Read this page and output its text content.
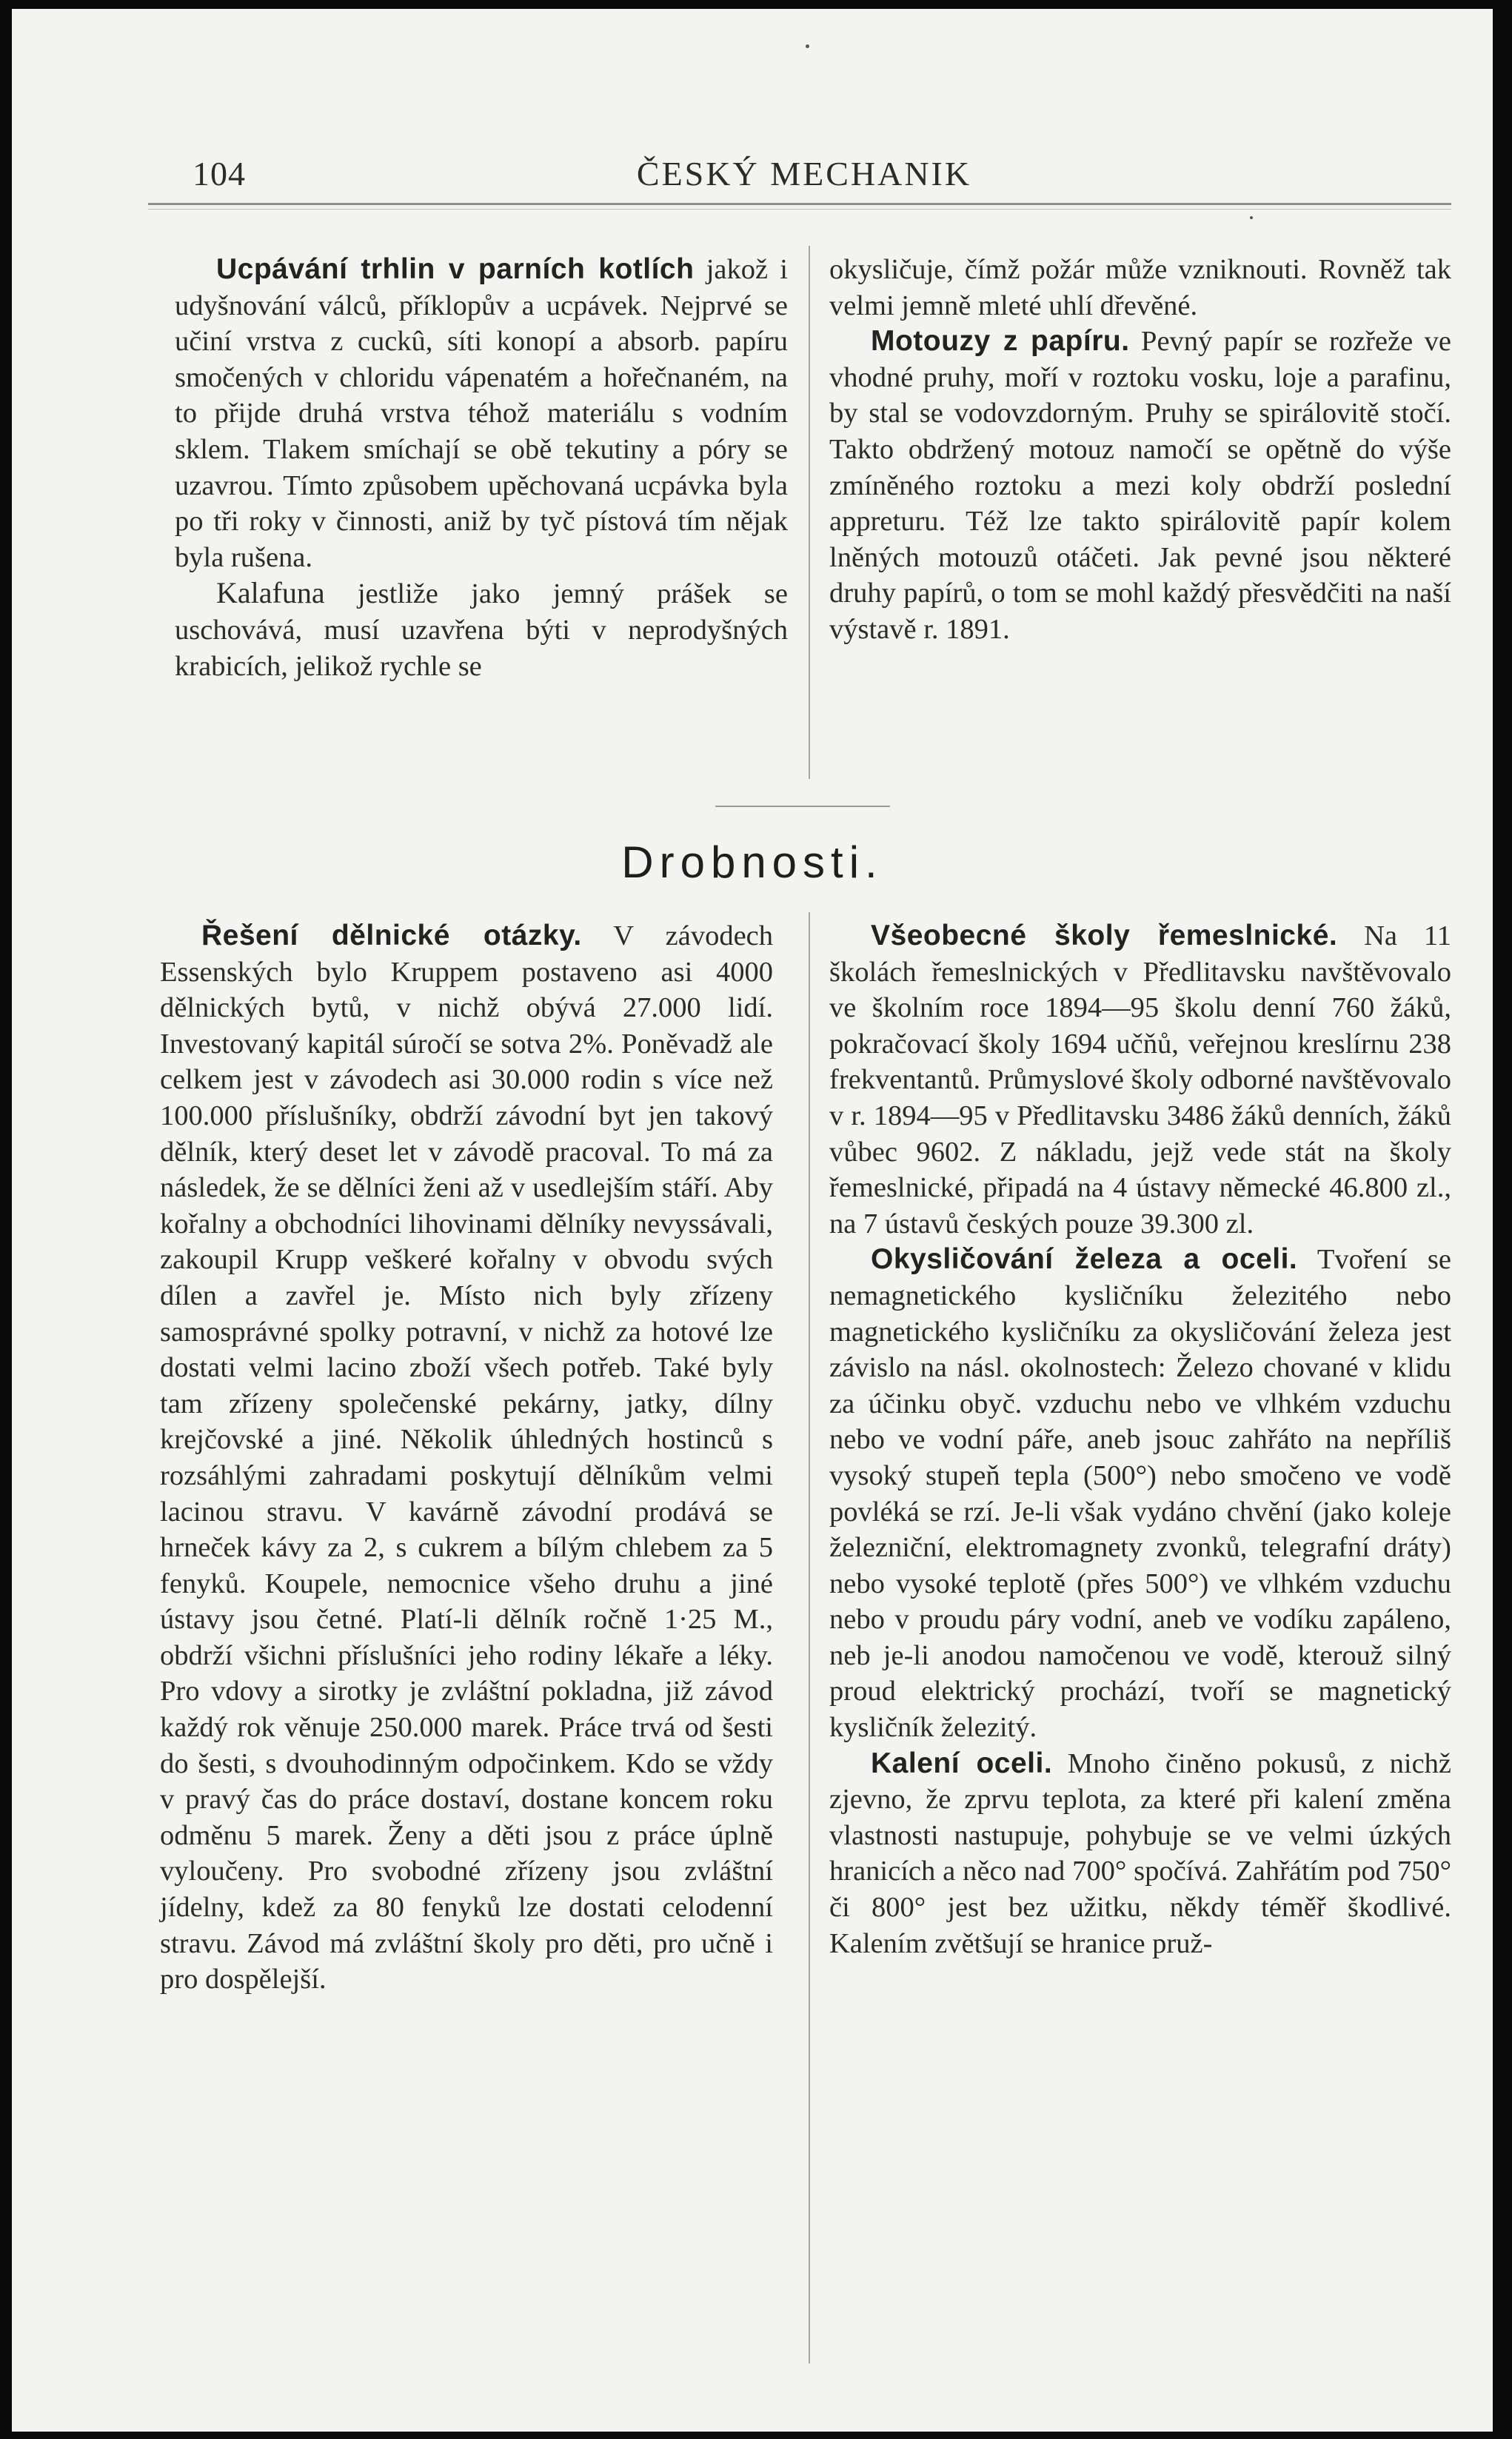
104	ČESKÝ MECHANIK

Ucpávání trhlin v parních kotlích jakož i udyšnování válců, příklopův a ucpávek. Nejprvé se učiní vrstva z cuckû, síti konopí a absorb. papíru smočených v chloridu vápenatém a hořečnaném, na to přijde druhá vrstva téhož materiálu s vodním sklem. Tlakem smíchají se obě tekutiny a póry se uzavrou. Tímto způsobem upěchovaná ucpávka byla po tři roky v činnosti, aniž by tyč pístová tím nějak byla rušena.

Kalafuna jestliže jako jemný prášek se uschovává, musí uzavřena býti v neprodyšných krabicích, jelikož rychle se

okysličuje, čímž požár může vzniknouti. Rovněž tak velmi jemně mleté uhlí dřevěné.

Motouzy z papíru. Pevný papír se rozřeže ve vhodné pruhy, moří v roztoku vosku, loje a parafinu, by stal se vodovzdorným. Pruhy se spirálovitě stočí. Takto obdržený motouz namočí se opětně do výše zmíněného roztoku a mezi koly obdrží poslední appreturu. Též lze takto spirálovitě papír kolem lněných motouzů otáčeti. Jak pevné jsou některé druhy papírů, o tom se mohl každý přesvědčiti na naší výstavě r. 1891.

Drobnosti.

Řešení dělnické otázky. V závodech Essenských bylo Kruppem postaveno asi 4000 dělnických bytů, v nichž obývá 27.000 lidí. Investovaný kapitál súročí se sotva 2%. Poněvadž ale celkem jest v závodech asi 30.000 rodin s více než 100.000 příslušníky, obdrží závodní byt jen takový dělník, který deset let v závodě pracoval. To má za následek, že se dělníci ženi až v usedlejším stáří. Aby kořalny a obchodníci lihovinami dělníky nevyssávali, zakoupil Krupp veškeré kořalny v obvodu svých dílen a zavřel je. Místo nich byly zřízeny samosprávné spolky potravní, v nichž za hotové lze dostati velmi lacino zboží všech potřeb. Také byly tam zřízeny společenské pekárny, jatky, dílny krejčovské a jiné. Několik úhledných hostinců s rozsáhlými zahradami poskytují dělníkům velmi lacinou stravu. V kavárně závodní prodává se hrneček kávy za 2, s cukrem a bílým chlebem za 5 fenyků. Koupele, nemocnice všeho druhu a jiné ústavy jsou četné. Platí-li dělník ročně 1·25 M., obdrží všichni příslušníci jeho rodiny lékaře a léky. Pro vdovy a sirotky je zvláštní pokladna, již závod každý rok věnuje 250.000 marek. Práce trvá od šesti do šesti, s dvouhodinným odpočinkem. Kdo se vždy v pravý čas do práce dostaví, dostane koncem roku odměnu 5 marek. Ženy a děti jsou z práce úplně vyloučeny. Pro svobodné zřízeny jsou zvláštní jídelny, kdež za 80 fenyků lze dostati celodenní stravu. Závod má zvláštní školy pro děti, pro učně i pro dospělejší.

Všeobecné školy řemeslnické. Na 11 školách řemeslnických v Předlitavsku navštěvovalo ve školním roce 1894—95 školu denní 760 žáků, pokračovací školy 1694 učňů, veřejnou kreslírnu 238 frekventantů. Průmyslové školy odborné navštěvovalo v r. 1894—95 v Předlitavsku 3486 žáků denních, žáků vůbec 9602. Z nákladu, jejž vede stát na školy řemeslnické, připadá na 4 ústavy německé 46.800 zl., na 7 ústavů českých pouze 39.300 zl.

Okysličování železa a oceli. Tvoření se nemagnetického kysličníku železitého nebo magnetického kysličníku za okysličování železa jest závislo na násl. okolnostech: Železo chované v klidu za účinku obyč. vzduchu nebo ve vlhkém vzduchu nebo ve vodní páře, aneb jsouc zahřáto na nepříliš vysoký stupeň tepla (500°) nebo smočeno ve vodě povléká se rzí. Je-li však vydáno chvění (jako koleje železniční, elektromagnety zvonků, telegrafní dráty) nebo vysoké teplotě (přes 500°) ve vlhkém vzduchu nebo v proudu páry vodní, aneb ve vodíku zapáleno, neb je-li anodou namočenou ve vodě, kterouž silný proud elektrický prochází, tvoří se magnetický kysličník železitý.

Kalení oceli. Mnoho činěno pokusů, z nichž zjevno, že zprvu teplota, za které při kalení změna vlastnosti nastupuje, pohybuje se ve velmi úzkých hranicích a něco nad 700° spočívá. Zahřátím pod 750° či 800° jest bez užitku, někdy téměř škodlivé. Kalením zvětšují se hranice pruž-
